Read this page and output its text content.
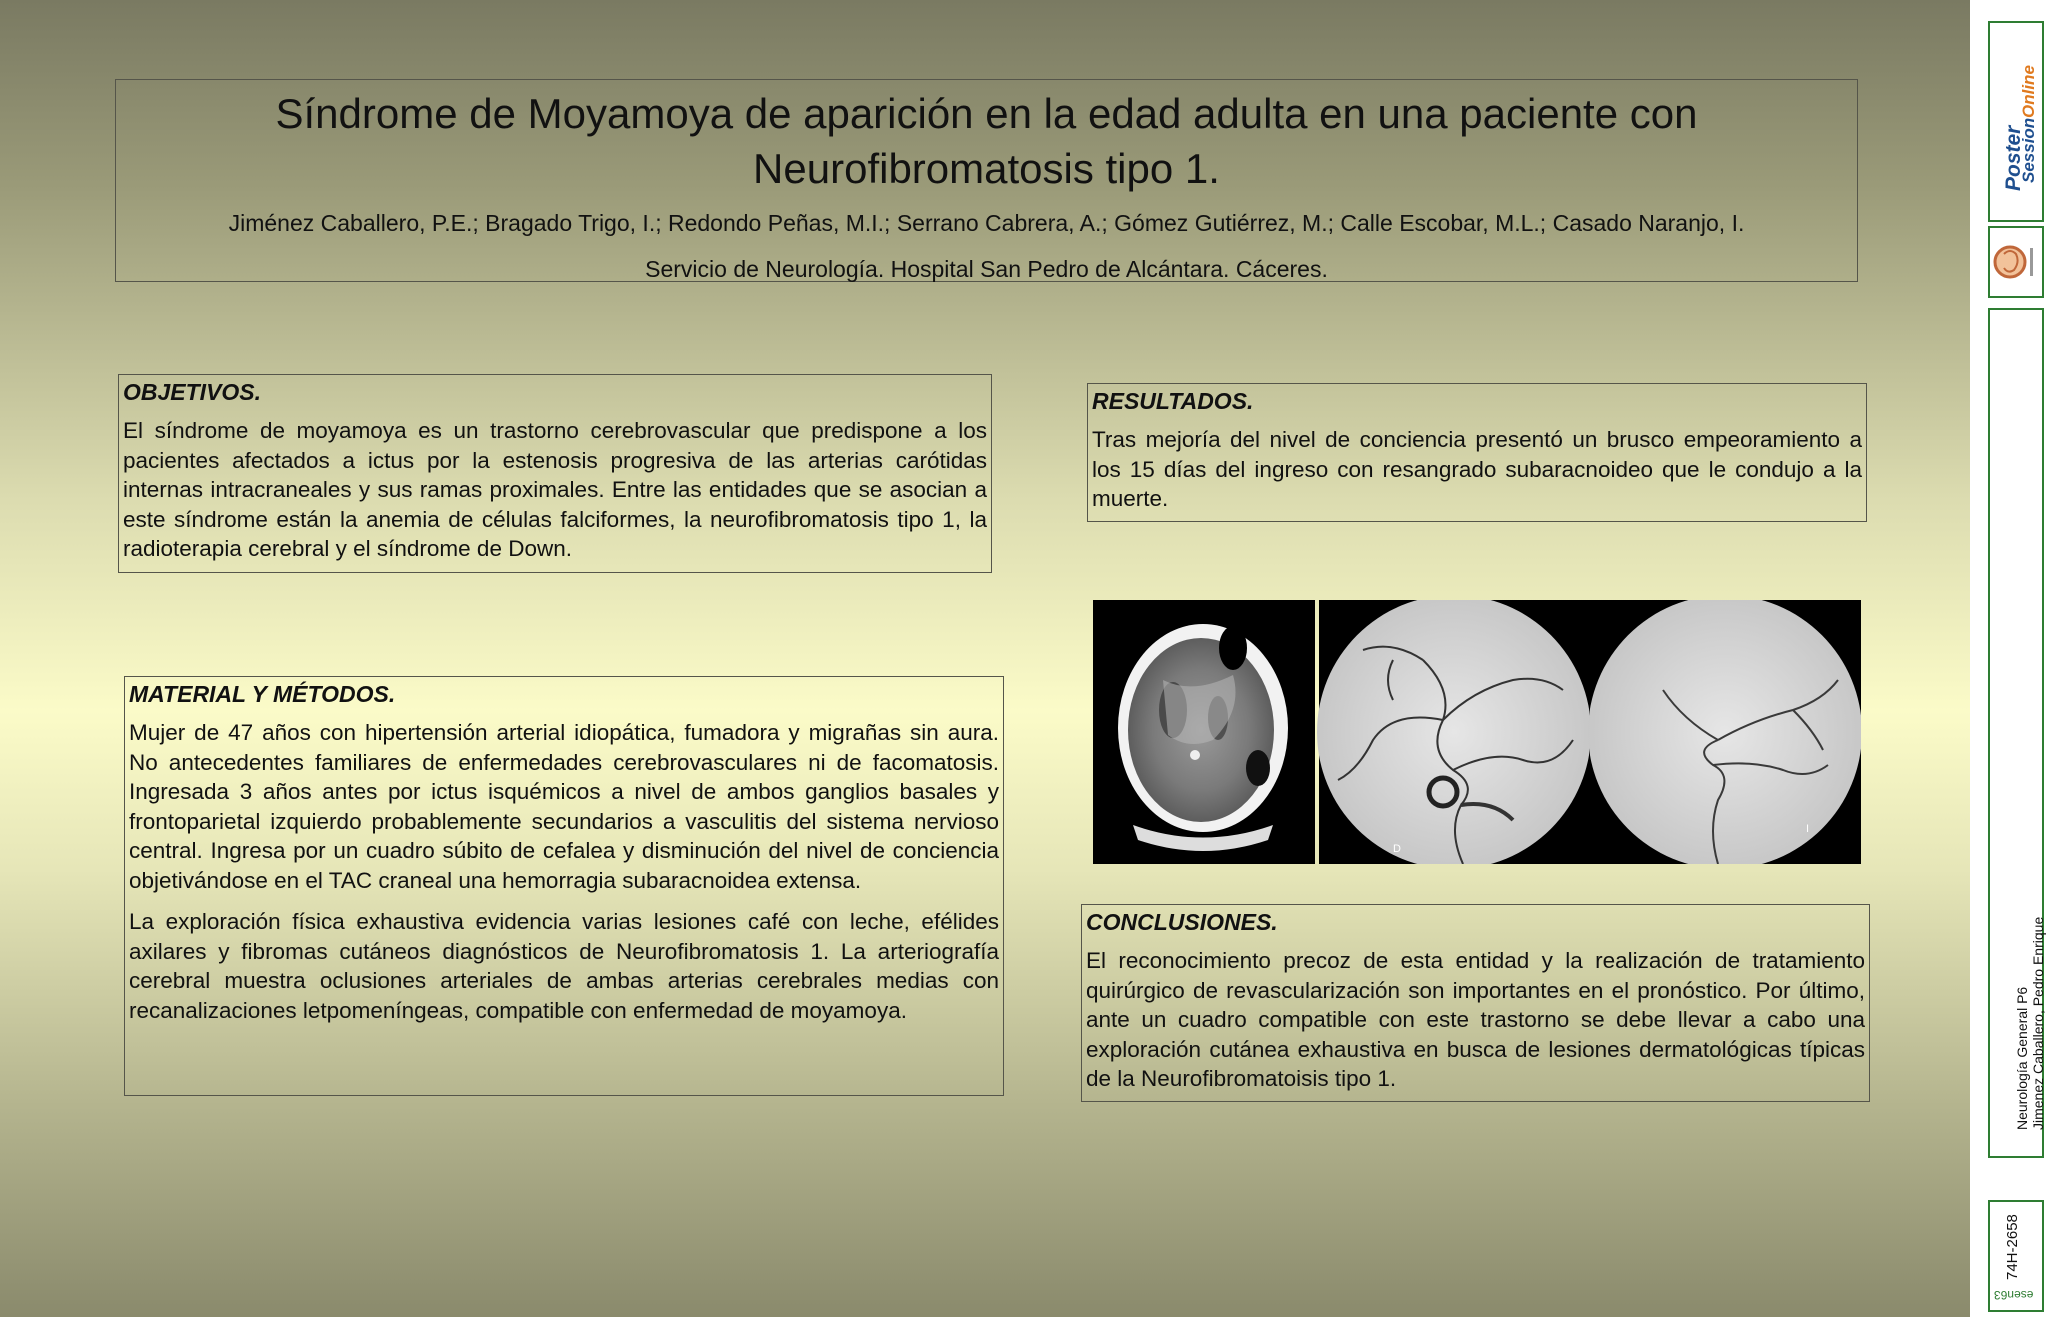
Síndrome de Moyamoya de aparición en la edad adulta en una paciente con Neurofibromatosis tipo 1.
Jiménez Caballero, P.E.; Bragado Trigo, I.; Redondo Peñas, M.I.; Serrano Cabrera, A.; Gómez Gutiérrez, M.; Calle Escobar, M.L.; Casado Naranjo, I.
Servicio de Neurología. Hospital San Pedro de Alcántara. Cáceres.
OBJETIVOS.

El síndrome de moyamoya es un trastorno cerebrovascular que predispone a los pacientes afectados a ictus por la estenosis progresiva de las arterias carótidas internas intracraneales y sus ramas proximales. Entre las entidades que se asocian a este síndrome están la anemia de células falciformes, la neurofibromatosis tipo 1, la radioterapia cerebral y el síndrome de Down.

MATERIAL Y MÉTODOS.

Mujer de 47 años con hipertensión arterial idiopática, fumadora y migrañas sin aura. No antecedentes familiares de enfermedades cerebrovasculares ni de facomatosis. Ingresada 3 años antes por ictus isquémicos a nivel de ambos ganglios basales y frontoparietal izquierdo probablemente secundarios a vasculitis del sistema nervioso central. Ingresa por un cuadro súbito de cefalea y disminución del nivel de conciencia objetivándose en el TAC craneal una hemorragia subaracnoidea extensa.

La exploración física exhaustiva evidencia varias lesiones café con leche, efélides axilares y fibromas cutáneos diagnósticos de Neurofibromatosis 1. La arteriografía cerebral muestra oclusiones arteriales de ambas arterias cerebrales medias con recanalizaciones letpomeníngeas, compatible con enfermedad de moyamoya.

RESULTADOS.

Tras mejoría del nivel de conciencia presentó un brusco empeoramiento a los 15 días del ingreso con resangrado subaracnoideo que le condujo a la muerte.

D
I
CONCLUSIONES.

El reconocimiento precoz de esta entidad y la realización de tratamiento quirúrgico de revascularización son importantes en el pronóstico. Por último, ante un cuadro compatible con este trastorno se debe llevar a cabo una exploración cutánea exhaustiva en busca de lesiones dermatológicas típicas de la Neurofibromatoisis tipo 1.

Poster
Session
Online
Neurología General P6 Jimenez Caballero, Pedro Enrique
74H-2658
esen63
